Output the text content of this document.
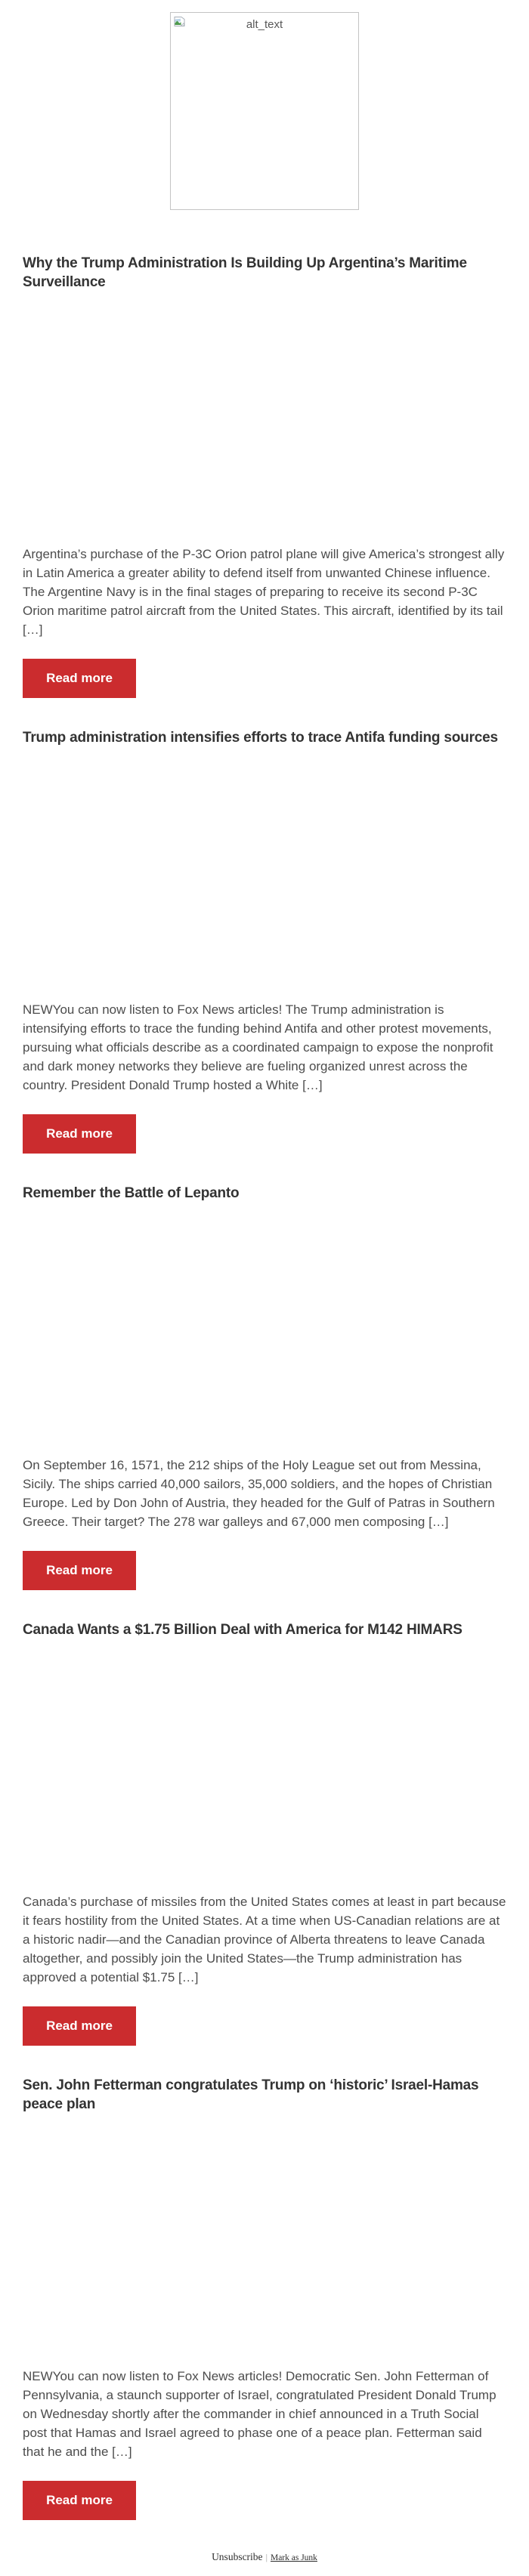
alt_text
Why the Trump Administration Is Building Up Argentina’s Maritime Surveillance

Argentina’s purchase of the P-3C Orion patrol plane will give America’s strongest ally in Latin America a greater ability to defend itself from unwanted Chinese influence. The Argentine Navy is in the final stages of preparing to receive its second P-3C Orion maritime patrol aircraft from the United States. This aircraft, identified by its tail […]

Read more
Trump administration intensifies efforts to trace Antifa funding sources

NEWYou can now listen to Fox News articles! The Trump administration is intensifying efforts to trace the funding behind Antifa and other protest movements, pursuing what officials describe as a coordinated campaign to expose the nonprofit and dark money networks they believe are fueling organized unrest across the country. President Donald Trump hosted a White […]

Read more
Remember the Battle of Lepanto

On September 16, 1571, the 212 ships of the Holy League set out from Messina, Sicily. The ships carried 40,000 sailors, 35,000 soldiers, and the hopes of Christian Europe. Led by Don John of Austria, they headed for the Gulf of Patras in Southern Greece. Their target? The 278 war galleys and 67,000 men composing […]

Read more
Canada Wants a $1.75 Billion Deal with America for M142 HIMARS

Canada’s purchase of missiles from the United States comes at least in part because it fears hostility from the United States. At a time when US-Canadian relations are at a historic nadir—and the Canadian province of Alberta threatens to leave Canada altogether, and possibly join the United States—the Trump administration has approved a potential $1.75 […]

Read more
Sen. John Fetterman congratulates Trump on ‘historic’ Israel-Hamas peace plan

NEWYou can now listen to Fox News articles! Democratic Sen. John Fetterman of Pennsylvania, a staunch supporter of Israel, congratulated President Donald Trump on Wednesday shortly after the commander in chief announced in a Truth Social post that Hamas and Israel agreed to phase one of a peace plan. Fetterman said that he and the […]

Read more
Unsubscribe | Mark as Junk
